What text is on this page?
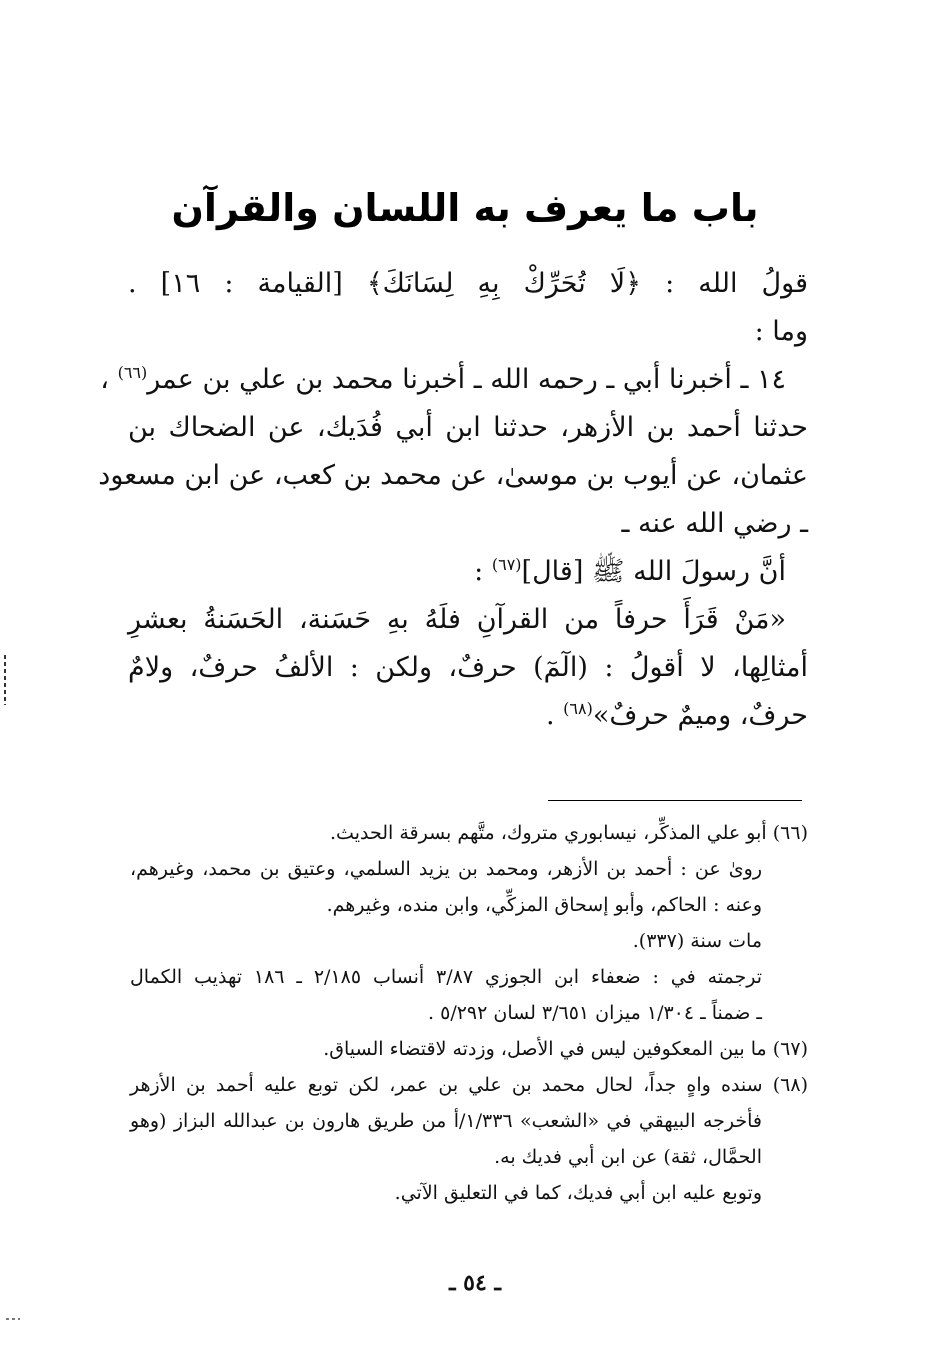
باب ما يعرف به اللسان والقرآن
قولُ الله : ﴿لَا تُحَرِّكْ بِهِ لِسَانَكَ﴾ [القيامة : ١٦] .
وما :
١٤ ـ أخبرنا أبي ـ رحمه الله ـ أخبرنا محمد بن علي بن عمر$^{(٦٦)}$ ،
حدثنا أحمد بن الأزهر، حدثنا ابن أبي فُدَيك، عن الضحاك بن
عثمان، عن أيوب بن موسىٰ، عن محمد بن كعب، عن ابن مسعود
ـ رضي الله عنه ـ
أنَّ رسولَ الله ﷺ [قال]$^{(٦٧)}$ :
«مَنْ قَرَأَ حرفاً من القرآنِ فلَهُ بهِ حَسَنة، الحَسَنةُ بعشرِ
أمثالِها، لا أقولُ : (الٓمٓ) حرفٌ، ولكن : الألفُ حرفٌ، ولامٌ
حرفٌ، وميمٌ حرفٌ»$^{(٦٨)}$ .
(٦٦) أبو علي المذكِّر، نيسابوري متروك، متَّهم بسرقة الحديث.
روىٰ عن : أحمد بن الأزهر، ومحمد بن يزيد السلمي، وعتيق بن محمد، وغيرهم،
وعنه : الحاكم، وأبو إسحاق المزكِّي، وابن منده، وغيرهم.
مات سنة (٣٣٧).
ترجمته في : ضعفاء ابن الجوزي ٣/٨٧ أنساب ٢/١٨٥ ـ ١٨٦ تهذيب الكمال
ـ ضمناً ـ ١/٣٠٤ ميزان ٣/٦٥١ لسان ٥/٢٩٢ .
(٦٧) ما بين المعكوفين ليس في الأصل، وزدته لاقتضاء السياق.
(٦٨) سنده واهٍ جداً، لحال محمد بن علي بن عمر، لكن توبع عليه أحمد بن الأزهر
فأخرجه البيهقي في «الشعب» ١/٣٣٦/أ من طريق هارون بن عبدالله البزاز (وهو
الحمَّال، ثقة) عن ابن أبي فديك به.
وتوبع عليه ابن أبي فديك، كما في التعليق الآتي.
ـ ٥٤ ـ
